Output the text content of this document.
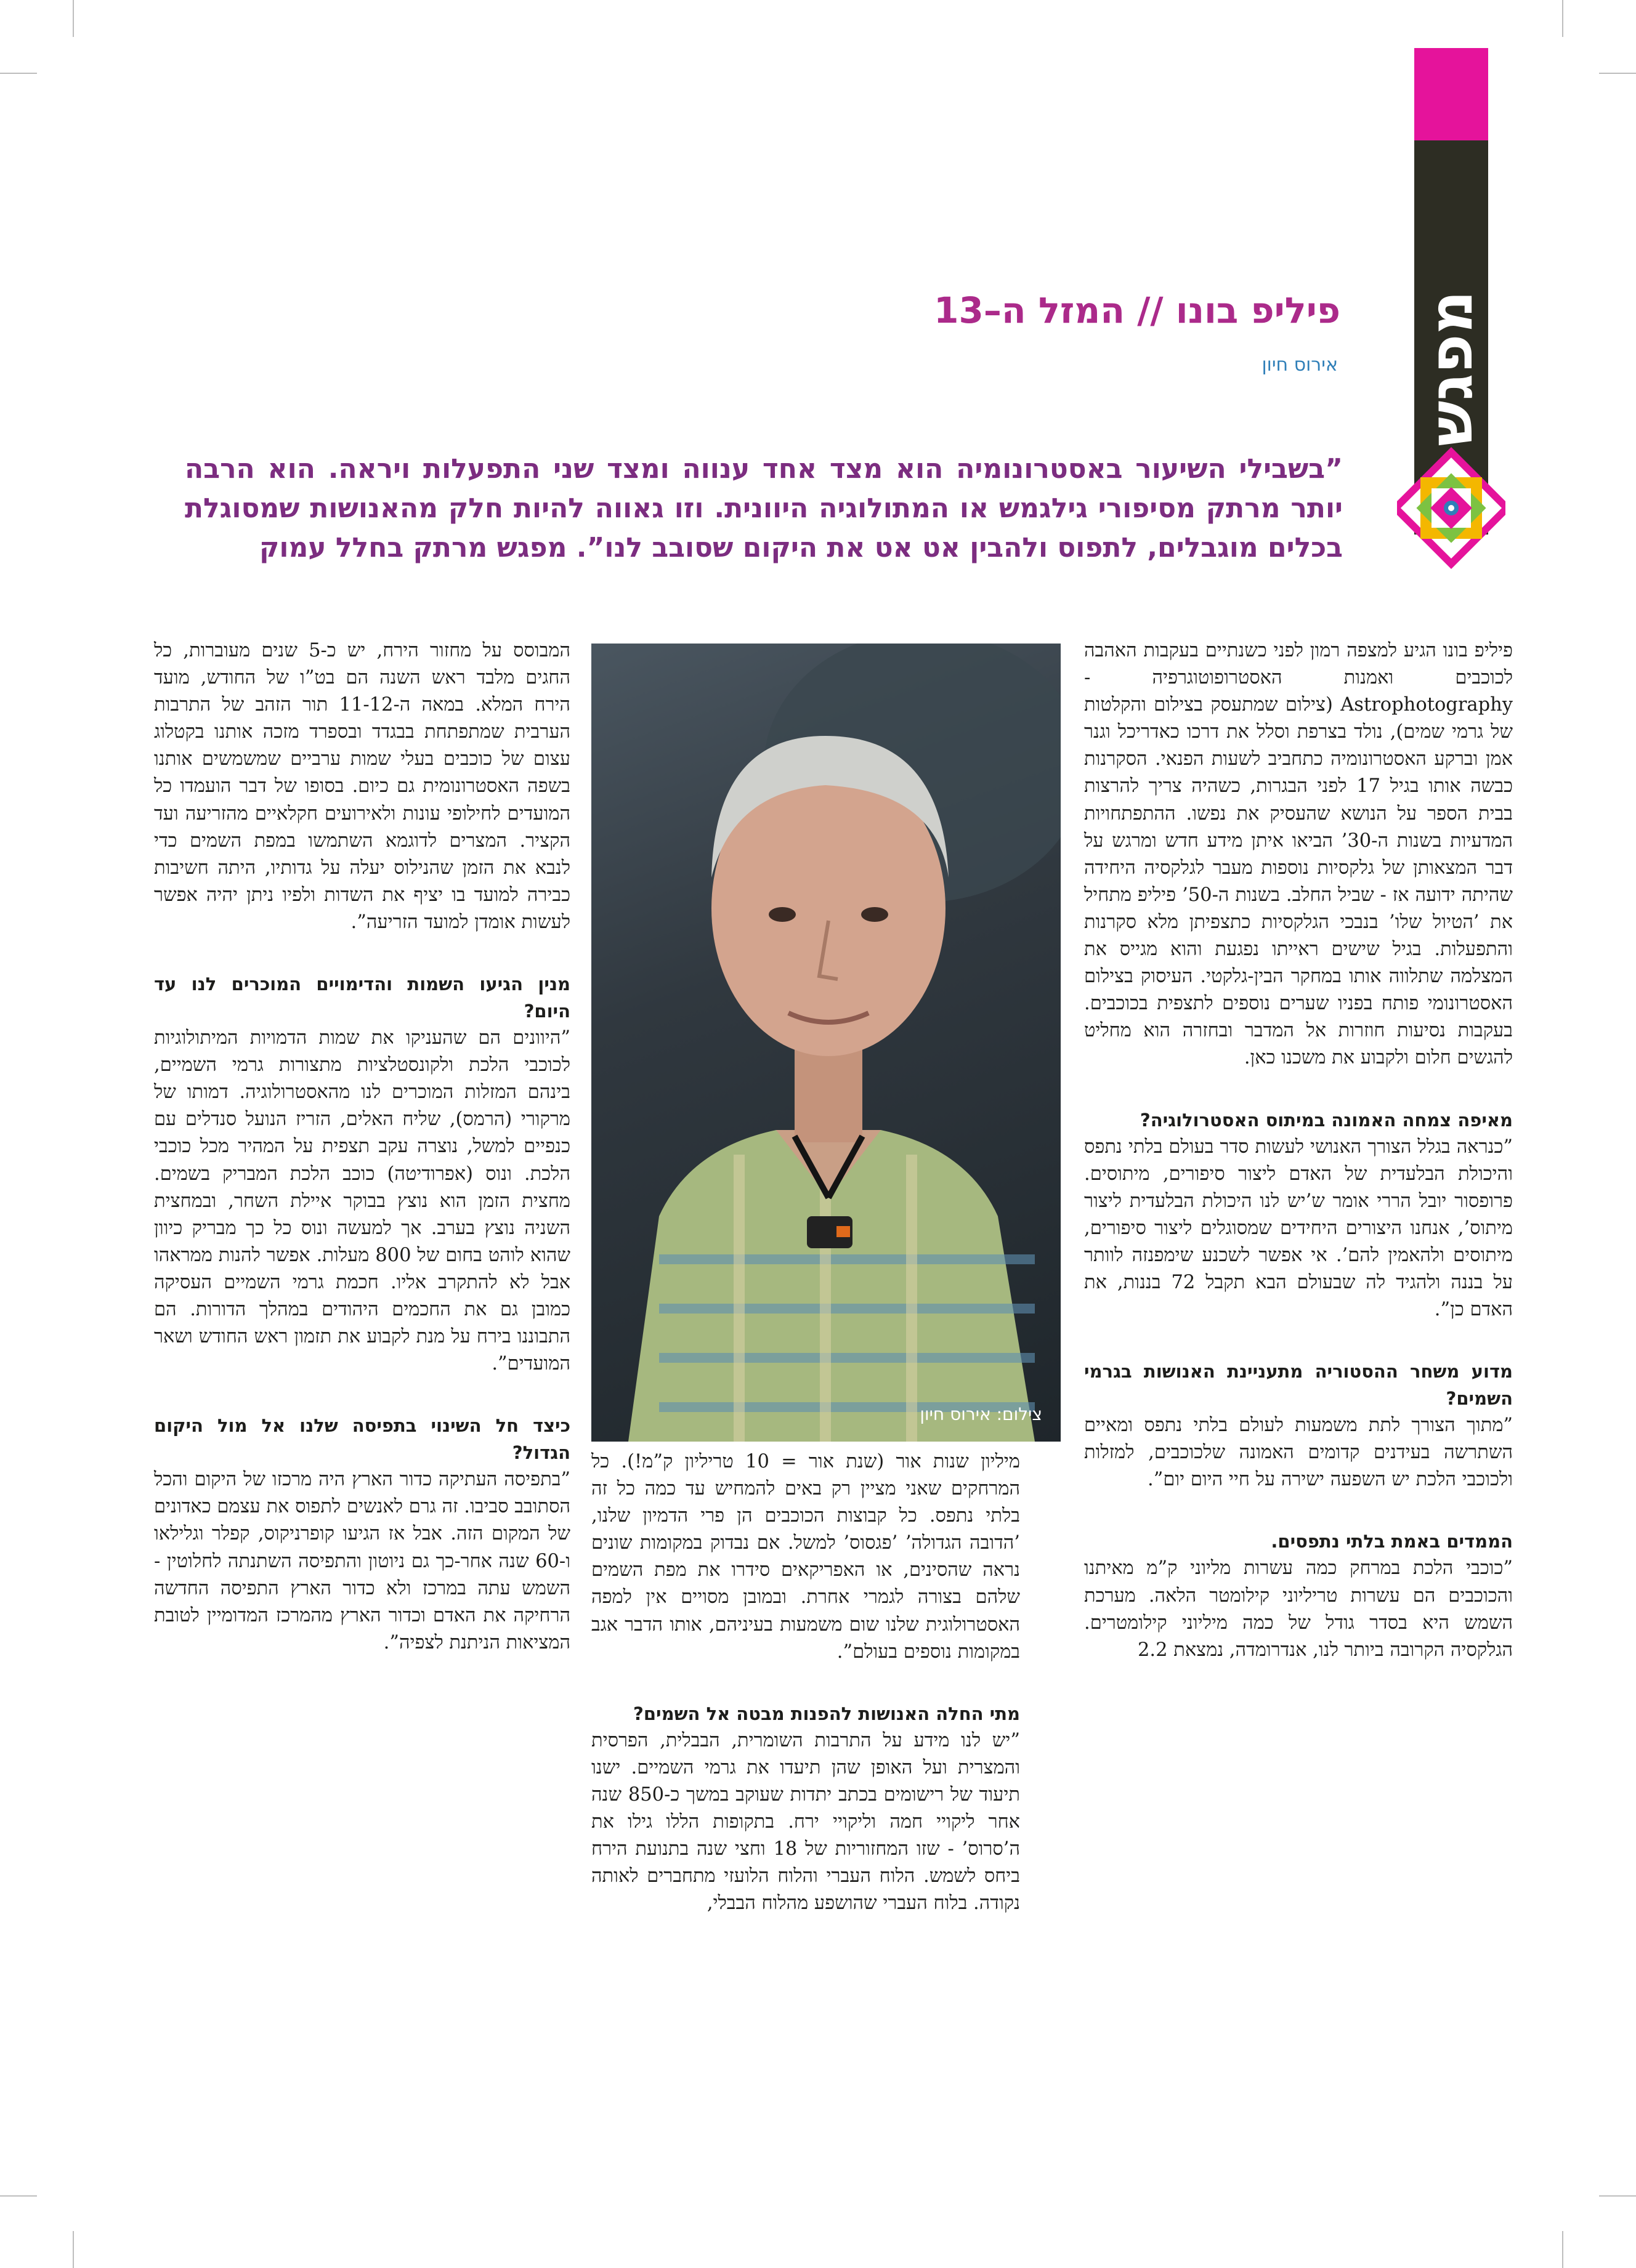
מפגש
פיליפ בונו // המזל ה–13

אירוס חיון

”בשבילי השיעור באסטרונומיה הוא מצד אחד ענווה ומצד שני התפעלות ויראה. הוא הרבה יותר מרתק מסיפורי גילגמש או המתולוגיה היוונית. וזו גאווה להיות חלק מהאנושות שמסוגלת בכלים מוגבלים, לתפוס ולהבין אט אט את היקום שסובב לנו”. מפגש מרתק בחלל עמוק

פיליפ בונו הגיע למצפה רמון לפני כשנתיים בעקבות האהבה לכוכבים ואמנות האסטרופוטוגרפיה - Astrophotography (צילום שמתעסק בצילום והקלטות של גרמי שמים), נולד בצרפת וסלל את דרכו כאדריכל וגנר אמן וברקע האסטרונומיה כתחביב לשעות הפנאי. הסקרנות כבשה אותו בגיל 17 לפני הבגרות, כשהיה צריך להרצות בבית הספר על הנושא שהעסיק את נפשו. ההתפתחויות המדעיות בשנות ה-30’ הביאו איתן מידע חדש ומרגש על דבר המצאותן של גלקסיות נוספות מעבר לגלקסיה היחידה שהיתה ידועה אז - שביל החלב. בשנות ה-50’ פיליפ מתחיל את ’הטיול שלו’ בנבכי הגלקסיות כתצפיתן מלא סקרנות והתפעלות. בגיל שישים ראייתו נפגעת והוא מגייס את המצלמה שתלווה אותו במחקר הבין-גלקטי. העיסוק בצילום האסטרונומי פותח בפניו שערים נוספים לתצפית בכוכבים. בעקבות נסיעות חוזרות אל המדבר ובחזרה הוא מחליט להגשים חלום ולקבוע את משכנו כאן.

מאיפה צמחה האמונה במיתוס האסטרולוגיה?

”כנראה בגלל הצורך האנושי לעשות סדר בעולם בלתי נתפס והיכולת הבלעדית של האדם ליצור סיפורים, מיתוסים. פרופסור יובל הררי אומר ש’יש לנו היכולת הבלעדית ליצור מיתוס’, אנחנו היצורים היחידים שמסוגלים ליצור סיפורים, מיתוסים ולהאמין להם’. אי אפשר לשכנע שימפנזה לוותר על בננה ולהגיד לה שבעולם הבא תקבל 72 בננות, את האדם כן”.

מדוע משחר ההסטוריה מתעניינת האנושות בגרמי השמים?

”מתוך הצורך לתת משמעות לעולם בלתי נתפס ומאיים השתרשה בעידנים קדומים האמונה שלכוכבים, למזלות ולכוכבי הלכת יש השפעה ישירה על חיי היום יום”.

הממדים באמת בלתי נתפסים.

”כוכבי הלכת במרחק כמה עשרות מליוני ק”מ מאיתנו והכוכבים הם עשרות טריליוני קילומטר הלאה. מערכת השמש היא בסדר גודל של כמה מיליוני קילומטרים. הגלקסיה הקרובה ביותר לנו, אנדרומדה, נמצאת 2.2

צילום: אירוס חיון

מיליון שנות אור (שנת אור = 10 טריליון ק”מ!). כל המרחקים שאני מציין רק באים להמחיש עד כמה כל זה בלתי נתפס. כל קבוצות הכוכבים הן פרי הדמיון שלנו, ’הדובה הגדולה’ ’פגסוס’ למשל. אם נבדוק במקומות שונים נראה שהסינים, או האפריקאים סידרו את מפת השמים שלהם בצורה לגמרי אחרת. ובמובן מסויים אין למפה האסטרולוגית שלנו שום משמעות בעיניהם, אותו הדבר אגב במקומות נוספים בעולם”.

מתי החלה האנושות להפנות מבטה אל השמים?

”יש לנו מידע על התרבות השומרית, הבבלית, הפרסית והמצרית ועל האופן שהן תיעדו את גרמי השמיים. ישנו תיעוד של רישומים בכתב יתדות שעוקב במשך כ-850 שנה אחר ליקויי חמה וליקויי ירח. בתקופות הללו גילו את ה’סרוס’ - שזו המחזוריות של 18 וחצי שנה בתנועת הירח ביחס לשמש. הלוח העברי והלוח הלועזי מתחברים לאותה נקודה. בלוח העברי שהושפע מהלוח הבבלי,

המבוסס על מחזור הירח, יש כ-5 שנים מעוברות, כל החגים מלבד ראש השנה הם בט”ו של החודש, מועד הירח המלא. במאה ה-11-12 תור הזהב של התרבות הערבית שמתפתחת בבגדד ובספרד מזכה אותנו בקטלוג עצום של כוכבים בעלי שמות ערביים שמשמשים אותנו בשפה האסטרונומית גם כיום. בסופו של דבר הועמדו כל המועדים לחילופי עונות ולאירועים חקלאיים מהזריעה ועד הקציר. המצרים לדוגמא השתמשו במפת השמים כדי לנבא את הזמן שהנילוס יעלה על גדותיו, היתה חשיבות כבירה למועד בו יציף את השדות ולפיו ניתן יהיה אפשר לעשות אומדן למועד הזריעה”.

מנין הגיעו השמות והדימויים המוכרים לנו עד היום?

”היוונים הם שהעניקו את שמות הדמויות המיתולוגיות לכוכבי הלכת ולקונסטלציות מתצורות גרמי השמיים, בינהם המזלות המוכרים לנו מהאסטרולוגיה. דמותו של מרקורי (הרמס), שליח האלים, הזריז הנועל סנדלים עם כנפיים למשל, נוצרה עקב תצפית על המהיר מכל כוכבי הלכת. ונוס (אפרודיטה) כוכב הלכת המבריק בשמים. מחצית הזמן הוא נוצץ בבוקר איילת השחר, ובמחצית השניה נוצץ בערב. אך למעשה ונוס כל כך מבריק כיוון שהוא לוהט בחום של 800 מעלות. אפשר להנות ממראהו אבל לא להתקרב אליו. חכמת גרמי השמיים העסיקה כמובן גם את החכמים היהודים במהלך הדורות. הם התבוננו בירח על מנת לקבוע את תזמון ראש החודש ושאר המועדים”.

כיצד חל השינוי בתפיסה שלנו אל מול היקום הגדול?

”בתפיסה העתיקה כדור הארץ היה מרכזו של היקום והכל הסתובב סביבו. זה גרם לאנשים לתפוס את עצמם כאדונים של המקום הזה. אבל אז הגיעו קופרניקוס, קפלר וגלילאו ו-60 שנה אחר-כך גם ניוטון והתפיסה השתנתה לחלוטין - השמש עתה במרכז ולא כדור הארץ התפיסה החדשה הרחיקה את האדם וכדור הארץ מהמרכז המדומיין לטובת המציאות הניתנת לצפיה”.
